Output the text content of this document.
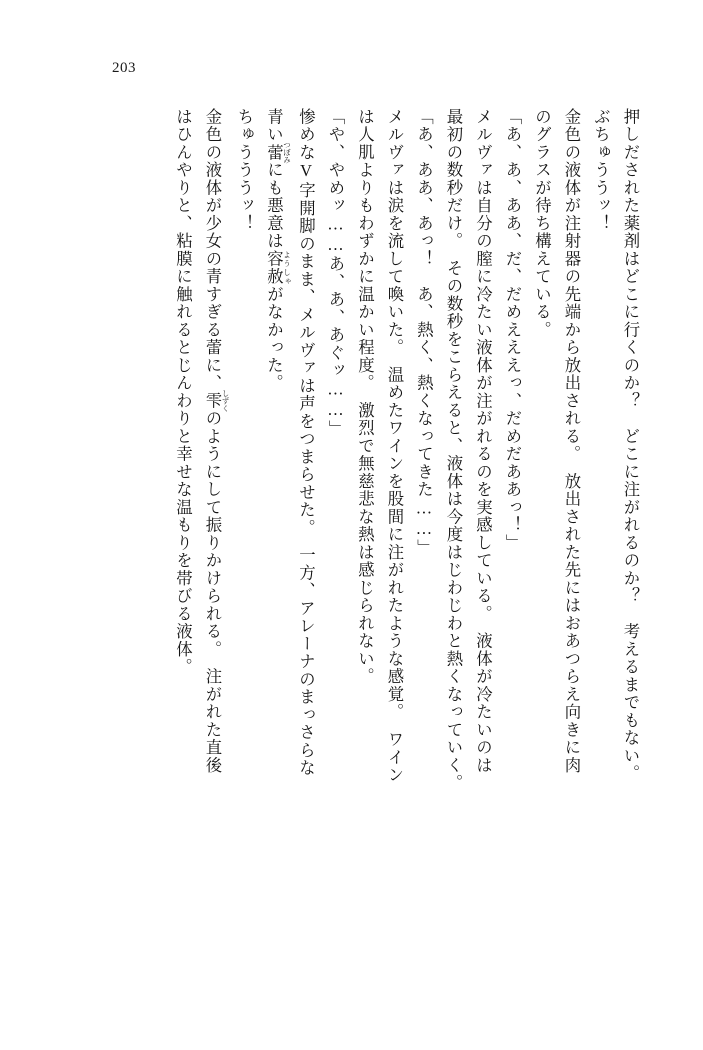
203
押しだされた薬剤はどこに行くのか？　どこに注がれるのか？　考えるまでもない。
ぶちゅううッ！
金色の液体が注射器の先端から放出される。　放出された先にはおあつらえ向きに肉
のグラスが待ち構えている。
「あ、あ、ああ、だ、だめえええっ、だめだああっ！」
メルヴァは自分の膣に冷たい液体が注がれるのを実感している。　液体が冷たいのは
最初の数秒だけ。　その数秒をこらえると、液体は今度はじわじわと熱くなっていく。
「あ、ああ、あっ！　あ、熱く、熱くなってきた……」
メルヴァは涙を流して喚いた。　温めたワインを股間に注がれたような感覚。　ワイン
は人肌よりもわずかに温かい程度。　激烈で無慈悲な熱は感じられない。
「や、やめッ……あ、あ、あぐッ……」
惨めなV字開脚のまま、メルヴァは声をつまらせた。　一方、アレーナのまっさらな
青い蕾 つぼみにも悪意は容赦 ようしゃがなかった。
ちゅうううッ！
金色の液体が少女の青すぎる蕾に、雫 しずくのようにして振りかけられる。　注がれた直後
はひんやりと、粘膜に触れるとじんわりと幸せな温もりを帯びる液体。
